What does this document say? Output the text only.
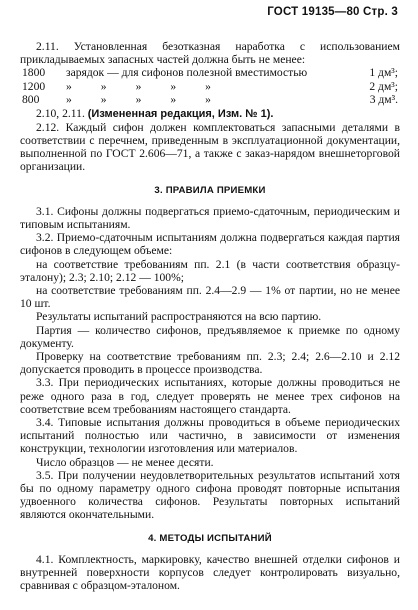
ГОСТ 19135—80 Стр. 3

2.11. Установленная безотказная наработка с использованием прикладываемых запасных частей должна быть не менее:

1800	зарядок — для сифонов полезной вместимостью	1 дм³;
1200	»          »          »          »          »	2 дм³;
800	»          »          »          »          »	3 дм³.

2.10, 2.11. (Измененная редакция, Изм. № 1).

2.12. Каждый сифон должен комплектоваться запасными деталями в соответствии с перечнем, приведенным в эксплуатационной документации, выполненной по ГОСТ 2.606—71, а также с заказ-нарядом внешнеторговой организации.

3. ПРАВИЛА ПРИЕМКИ

3.1. Сифоны должны подвергаться приемо-сдаточным, периодическим и типовым испытаниям.

3.2. Приемо-сдаточным испытаниям должна подвергаться каждая партия сифонов в следующем объеме:

на соответствие требованиям пп. 2.1 (в части соответствия образцу-эталону); 2.3; 2.10; 2.12 — 100%;

на соответствие требованиям пп. 2.4—2.9 — 1% от партии, но не менее 10 шт.

Результаты испытаний распространяются на всю партию.

Партия — количество сифонов, предъявляемое к приемке по одному документу.

Проверку на соответствие требованиям пп. 2.3; 2.4; 2.6—2.10 и 2.12 допускается проводить в процессе производства.

3.3. При периодических испытаниях, которые должны проводиться не реже одного раза в год, следует проверять не менее трех сифонов на соответствие всем требованиям настоящего стандарта.

3.4. Типовые испытания должны проводиться в объеме периодических испытаний полностью или частично, в зависимости от изменения конструкции, технологии изготовления или материалов.

Число образцов — не менее десяти.

3.5. При получении неудовлетворительных результатов испытаний хотя бы по одному параметру одного сифона проводят повторные испытания удвоенного количества сифонов. Результаты повторных испытаний являются окончательными.

4. МЕТОДЫ ИСПЫТАНИЙ

4.1. Комплектность, маркировку, качество внешней отделки сифонов и внутренней поверхности корпусов следует контролировать визуально, сравнивая с образцом-эталоном.
